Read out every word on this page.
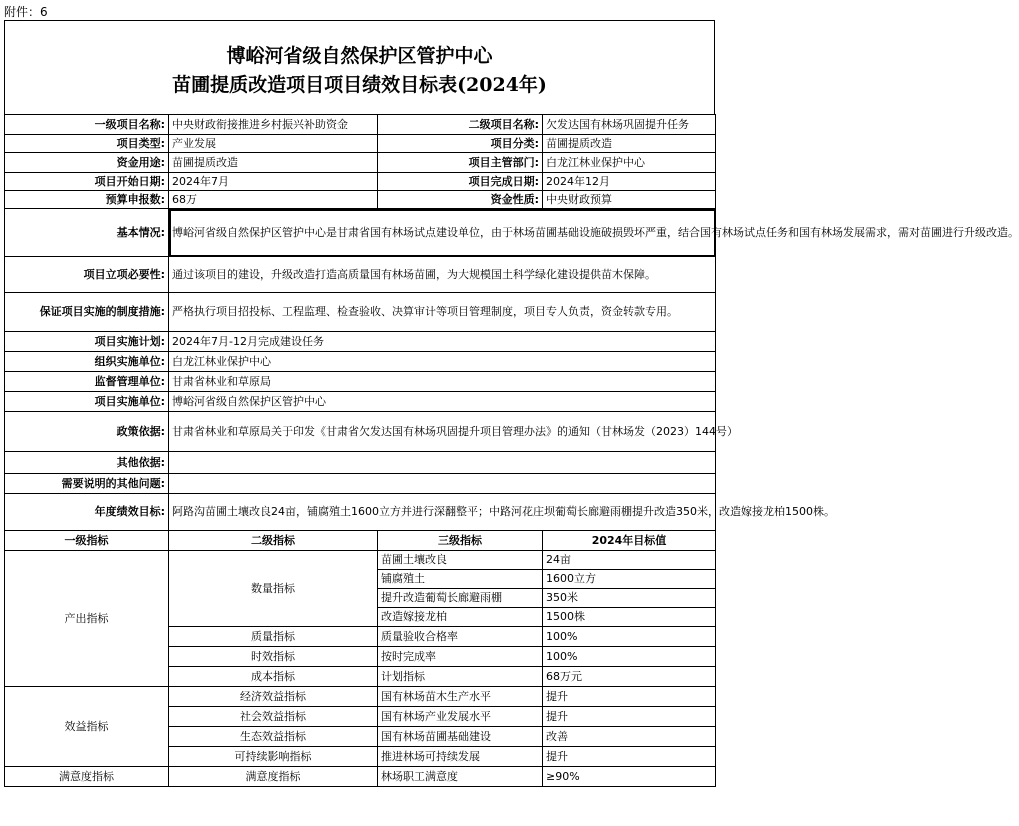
附件：6
博峪河省级自然保护区管护中心
苗圃提质改造项目项目绩效目标表(2024年)
一级项目名称:	中央财政衔接推进乡村振兴补助资金	二级项目名称:	欠发达国有林场巩固提升任务
项目类型:	产业发展	项目分类:	苗圃提质改造
资金用途:	苗圃提质改造	项目主管部门:	白龙江林业保护中心
项目开始日期:	2024年7月	项目完成日期:	2024年12月
预算申报数:	68万	资金性质:	中央财政预算
基本情况:	博峪河省级自然保护区管护中心是甘肃省国有林场试点建设单位，由于林场苗圃基础设施破损毁坏严重，结合国有林场试点任务和国有林场发展需求，需对苗圃进行升级改造。		
项目立项必要性:	通过该项目的建设，升级改造打造高质量国有林场苗圃，为大规模国土科学绿化建设提供苗木保障。		
保证项目实施的制度措施:	严格执行项目招投标、工程监理、检查验收、决算审计等项目管理制度，项目专人负责，资金转款专用。		
项目实施计划:	2024年7月-12月完成建设任务		
组织实施单位:	白龙江林业保护中心		
监督管理单位:	甘肃省林业和草原局		
项目实施单位:	博峪河省级自然保护区管护中心		
政策依据:	甘肃省林业和草原局关于印发《甘肃省欠发达国有林场巩固提升项目管理办法》的通知（甘林场发（2023）144号）		
其他依据:			
需要说明的其他问题:			
年度绩效目标:	阿路沟苗圃土壤改良24亩，铺腐殖土1600立方并进行深翻整平；中路河花庄坝葡萄长廊避雨棚提升改造350米，改造嫁接龙柏1500株。		
一级指标	二级指标	三级指标	2024年目标值
产出指标	数量指标	苗圃土壤改良	24亩
		铺腐殖土	1600立方
		提升改造葡萄长廊避雨棚	350米
		改造嫁接龙柏	1500株
	质量指标	质量验收合格率	100%
	时效指标	按时完成率	100%
	成本指标	计划指标	68万元
效益指标	经济效益指标	国有林场苗木生产水平	提升
	社会效益指标	国有林场产业发展水平	提升
	生态效益指标	国有林场苗圃基础建设	改善
	可持续影响指标	推进林场可持续发展	提升
满意度指标	满意度指标	林场职工满意度	≥90%
